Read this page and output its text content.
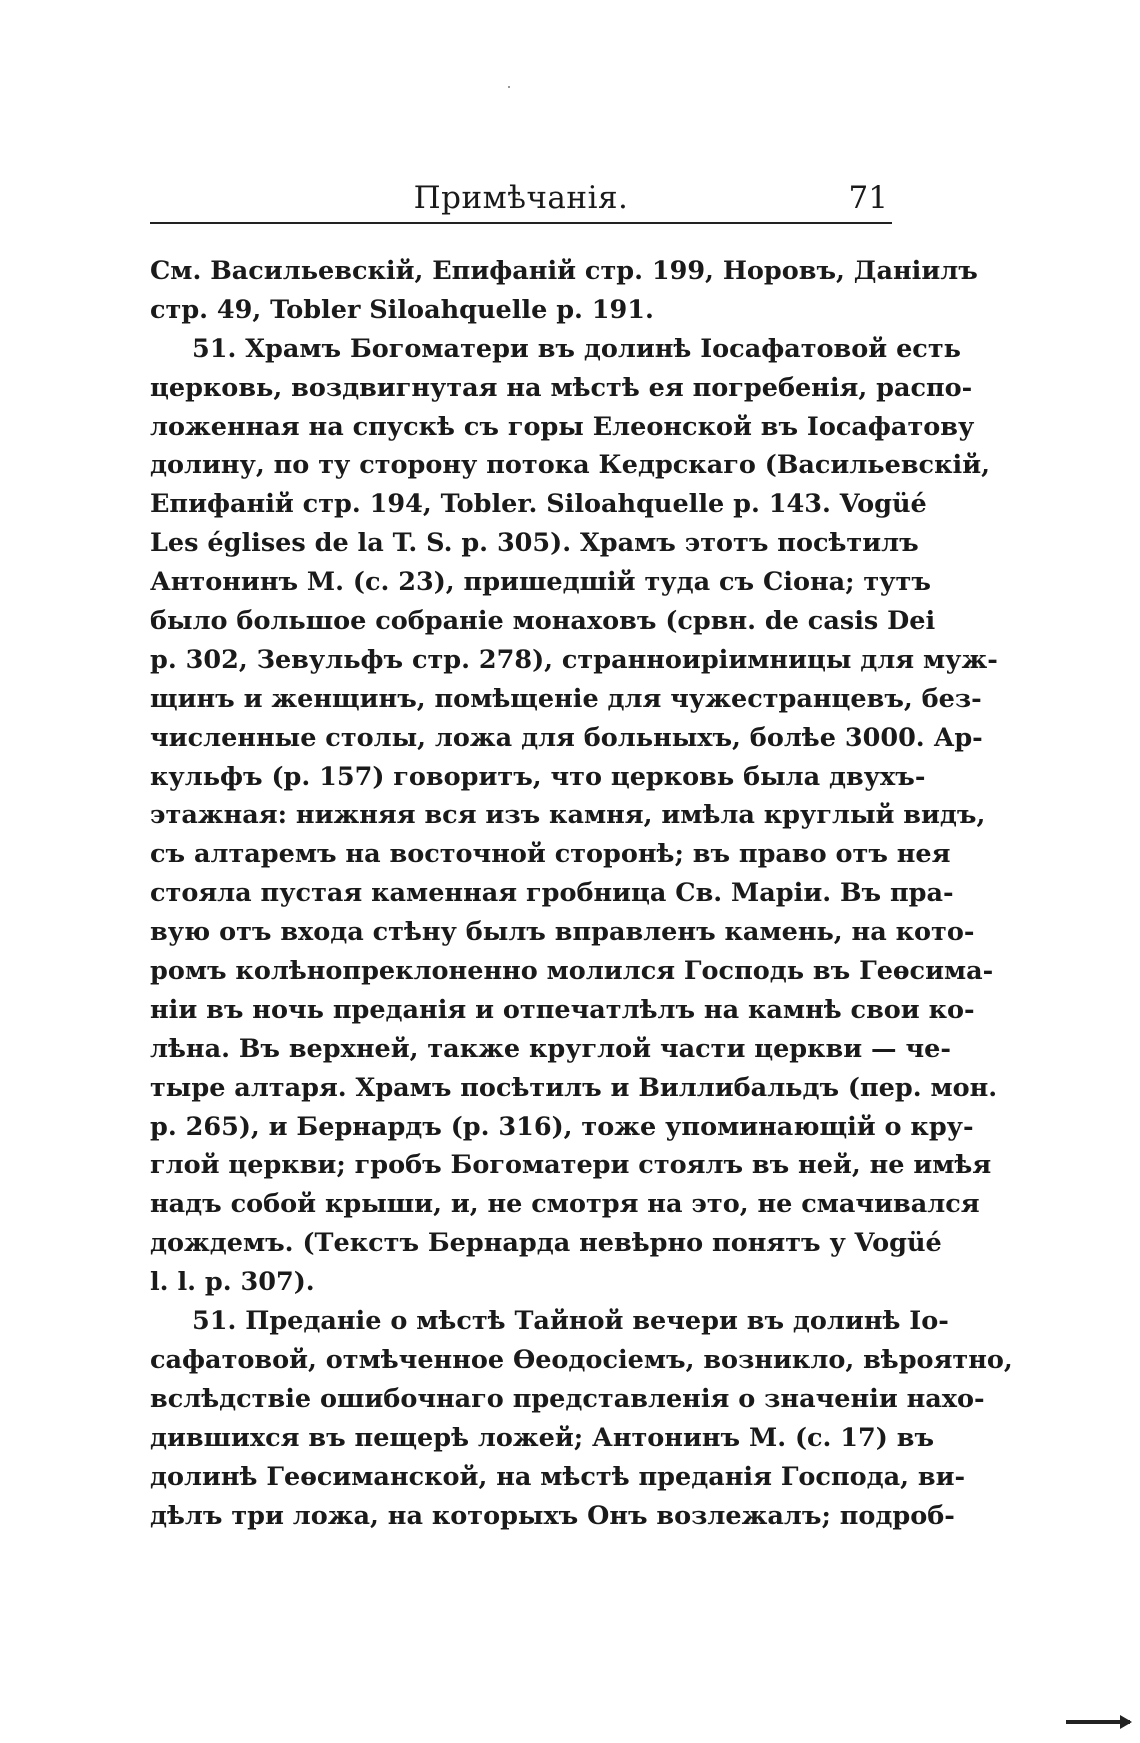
Примѣчанія.	71
См. Васильевскій, Епифаній стр. 199, Норовъ, Даніилъ
стр. 49, Tobler Siloahquelle p. 191.
51. Храмъ Богоматери въ долинѣ Іосафатовой есть
церковь, воздвигнутая на мѣстѣ ея погребенія, распо-
ложенная на спускѣ съ горы Елеонской въ Іосафатову
долину, по ту сторону потока Кедрскаго (Васильевскій,
Епифаній стр. 194, Tobler. Siloahquelle p. 143. Vogüé
Les églises de la T. S. p. 305). Храмъ этотъ посѣтилъ
Антонинъ М. (c. 23), пришедшій туда съ Сіона; тутъ
было большое собраніе монаховъ (срвн. de casis Dei
p. 302, Зевульфъ стр. 278), странноиріимницы для муж-
щинъ и женщинъ, помѣщеніе для чужестранцевъ, без-
численные столы, ложа для больныхъ, болѣе 3000. Ар-
кульфъ (p. 157) говоритъ, что церковь была двухъ-
этажная: нижняя вся изъ камня, имѣла круглый видъ,
съ алтаремъ на восточной сторонѣ; въ право отъ нея
стояла пустая каменная гробница Св. Маріи. Въ пра-
вую отъ входа стѣну былъ вправленъ камень, на кото-
ромъ колѣнопреклоненно молился Господь въ Геѳсима-
ніи въ ночь преданія и отпечатлѣлъ на камнѣ свои ко-
лѣна. Въ верхней, также круглой части церкви — че-
тыре алтаря. Храмъ посѣтилъ и Виллибальдъ (пер. мон.
p. 265), и Бернардъ (p. 316), тоже упоминающій о кру-
глой церкви; гробъ Богоматери стоялъ въ ней, не имѣя
надъ собой крыши, и, не смотря на это, не смачивался
дождемъ. (Текстъ Бернарда невѣрно понятъ у Vogüé
l. l. p. 307).
51. Преданіе о мѣстѣ Тайной вечери въ долинѣ Іо-
сафатовой, отмѣченное Ѳеодосіемъ, возникло, вѣроятно,
вслѣдствіе ошибочнаго представленія о значеніи нахо-
дившихся въ пещерѣ ложей; Антонинъ М. (c. 17) въ
долинѣ Геѳсиманской, на мѣстѣ преданія Господа, ви-
дѣлъ три ложа, на которыхъ Онъ возлежалъ; подроб-
